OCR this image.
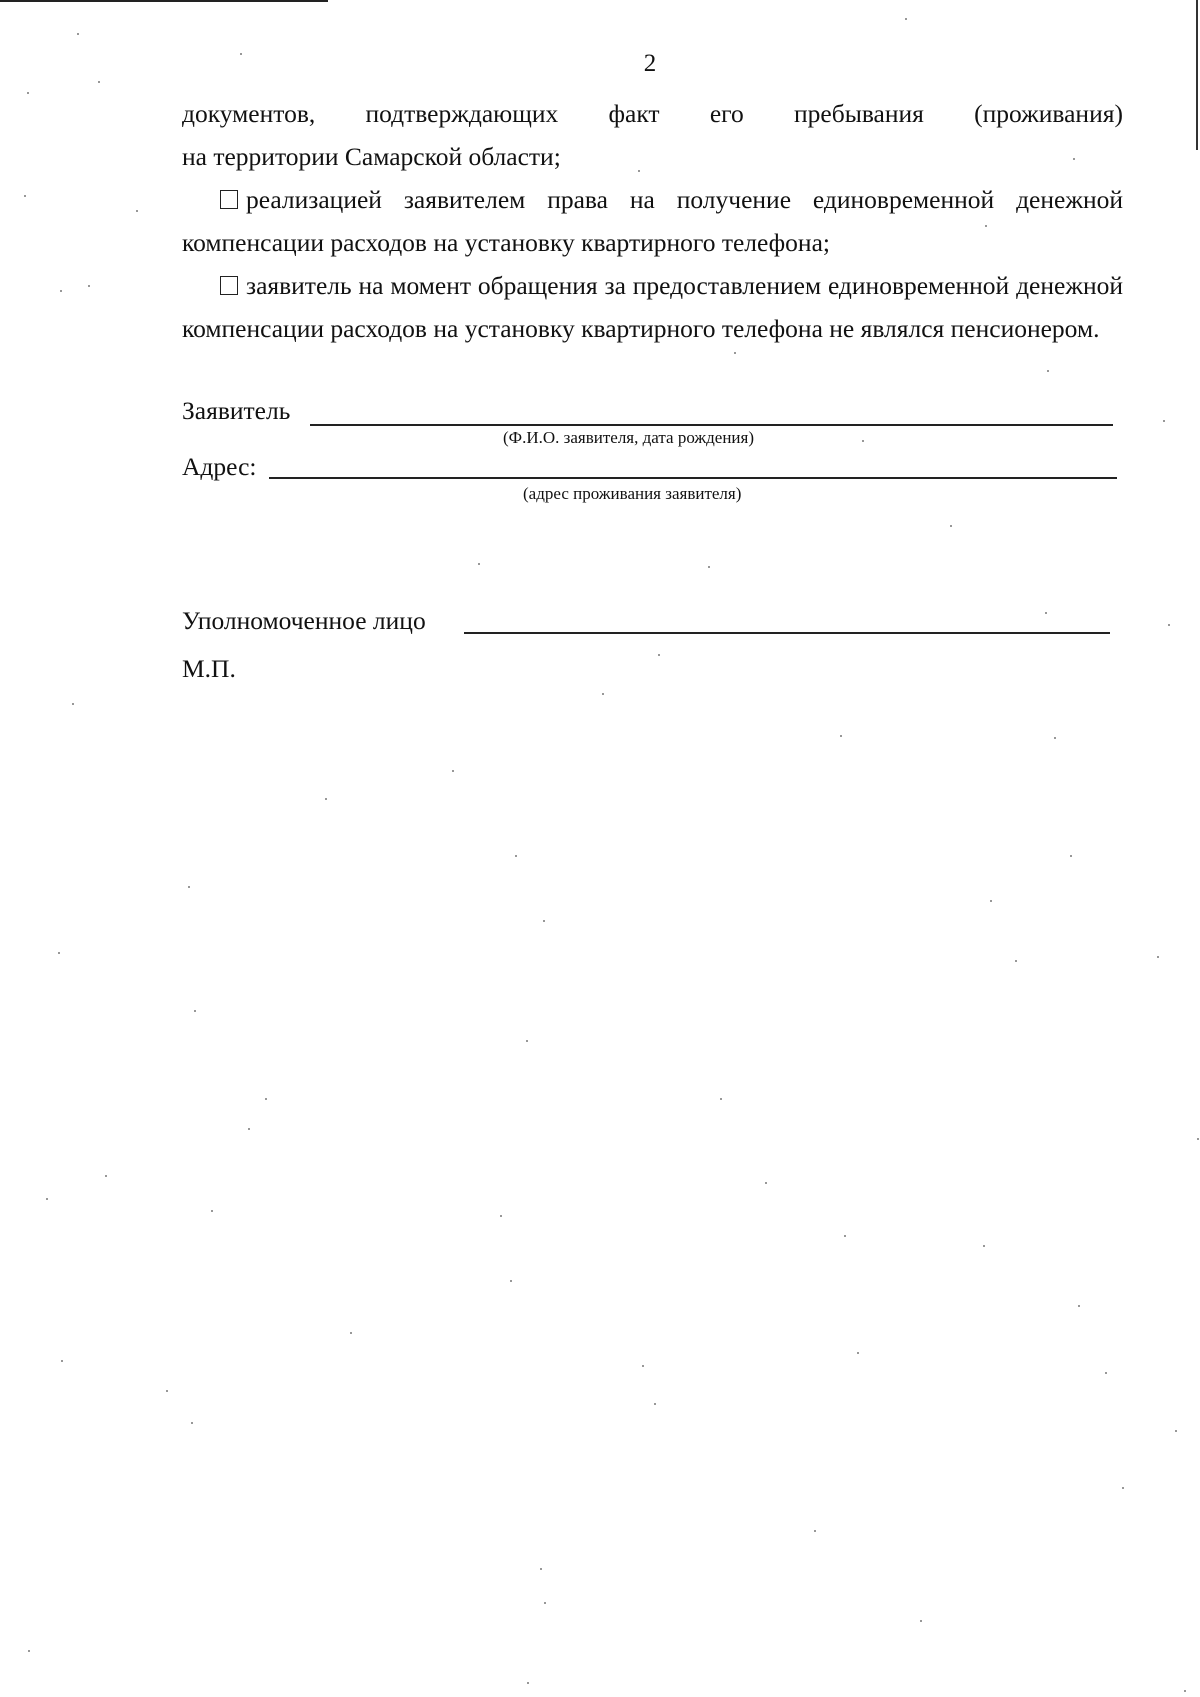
2
документов, подтверждающих факт его пребывания (проживания)

на территории Самарской области;

реализацией заявителем права на получение единовременной денежной компенсации расходов на установку квартирного телефона;

заявитель на момент обращения за предоставлением единовременной денежной компенсации расходов на установку квартирного телефона не являлся пенсионером.

Заявитель
(Ф.И.О. заявителя, дата рождения)
Адрес:
(адрес проживания заявителя)
Уполномоченное лицо
М.П.
